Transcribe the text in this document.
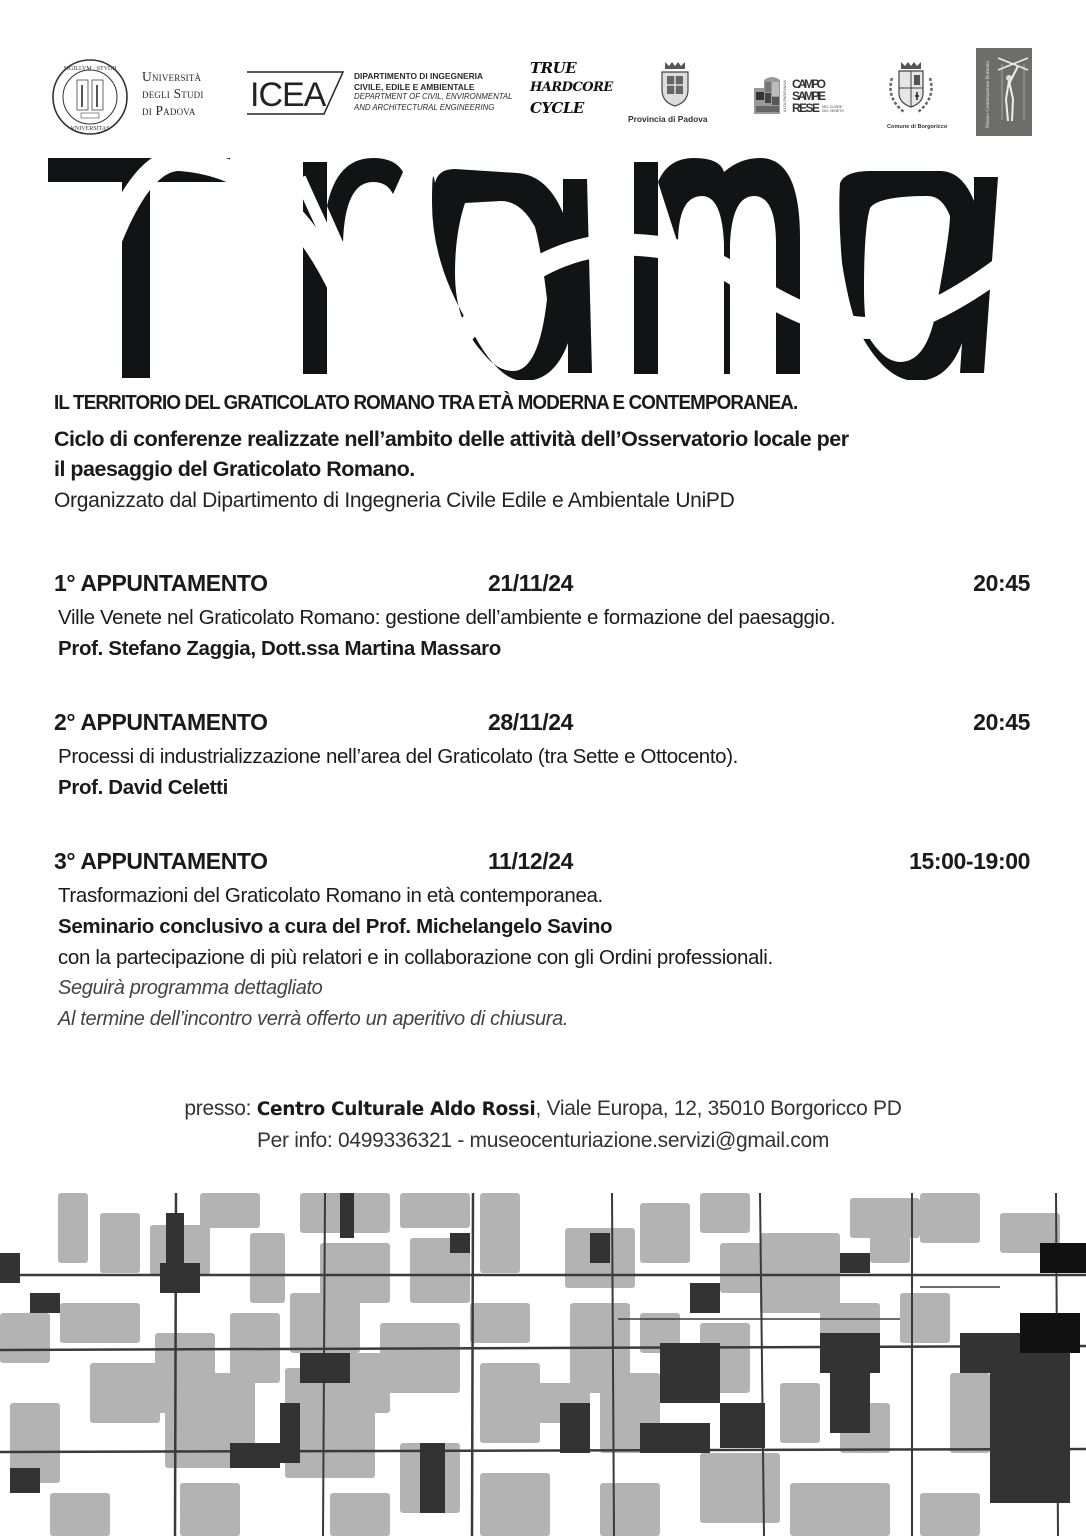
SIGILLVM · STVDII
VNIVERSITAS
Università
degli Studi
di Padova ICEA	DIPARTIMENTO DI INGEGNERIA
CIVILE, EDILE E AMBIENTALE
DEPARTMENT OF CIVIL, ENVIRONMENTAL
AND ARCHITECTURAL ENGINEERING
TRUE
HARDCORE
CYCLE
Provincia di Padova
ALTA PADOVANA CAMPO
SAMPIE
RESE NEL CUORE
DEL VENETO
Comune di Borgoricco	Museo Centuriazione Romana
IL TERRITORIO DEL GRATICOLATO ROMANO TRA ETÀ MODERNA E CONTEMPORANEA.
Ciclo di conferenze realizzate nell’ambito delle attività dell’Osservatorio locale per
il paesaggio del Graticolato Romano.
Organizzato dal Dipartimento di Ingegneria Civile Edile e Ambientale UniPD
1° APPUNTAMENTO	21/11/24	20:45
Ville Venete nel Graticolato Romano: gestione dell’ambiente e formazione del paesaggio.
Prof. Stefano Zaggia, Dott.ssa Martina Massaro
2° APPUNTAMENTO	28/11/24	20:45
Processi di industrializzazione nell’area del Graticolato (tra Sette e Ottocento).
Prof. David Celetti
3° APPUNTAMENTO	11/12/24	15:00-19:00
Trasformazioni del Graticolato Romano in età contemporanea.
Seminario conclusivo a cura del Prof. Michelangelo Savino
con la partecipazione di più relatori e in collaborazione con gli Ordini professionali.
Seguirà programma dettagliato
Al termine dell’incontro verrà offerto un aperitivo di chiusura.
presso: Centro Culturale Aldo Rossi, Viale Europa, 12, 35010 Borgoricco PD
Per info: 0499336321 - museocenturiazione.servizi@gmail.com
